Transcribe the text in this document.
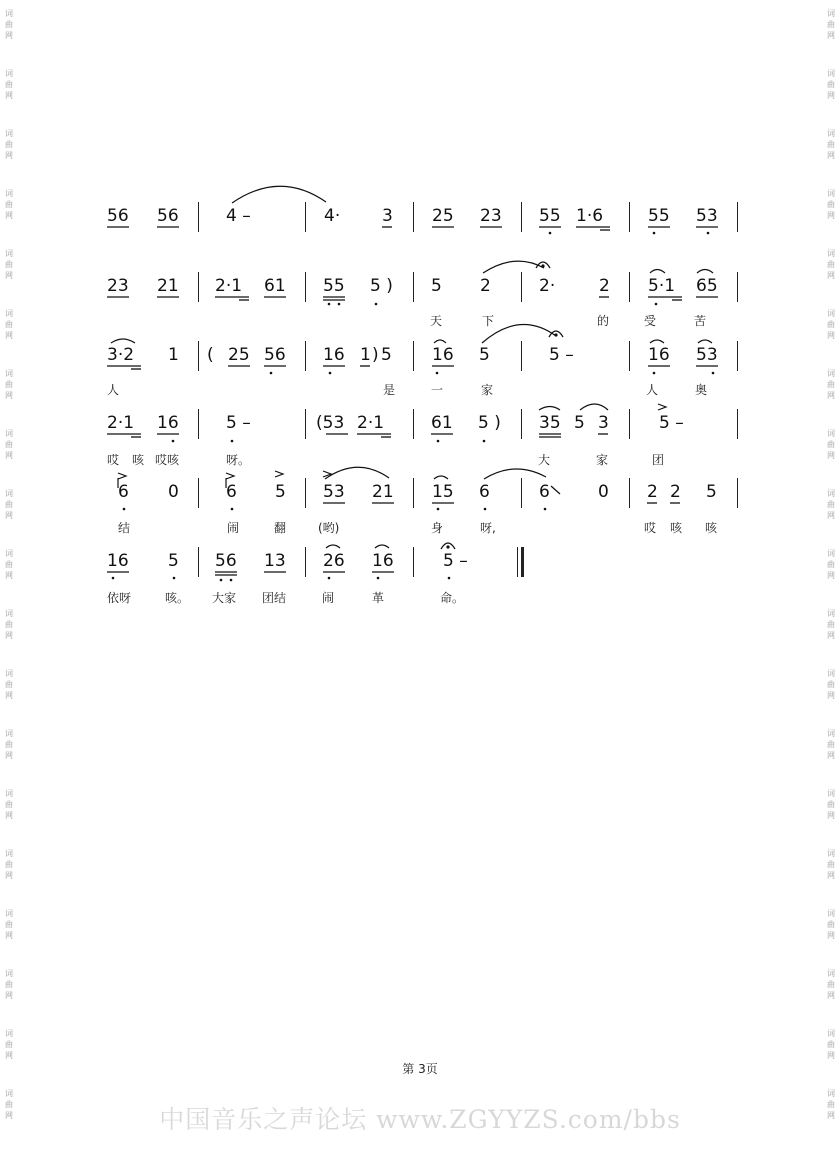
词
曲
网
词
曲
网
词
曲
网
词
曲
网
词
曲
网
词
曲
网
词
曲
网
词
曲
网
词
曲
网
词
曲
网
词
曲
网
词
曲
网
词
曲
网
词
曲
网
词
曲
网
词
曲
网
词
曲
网
词
曲
网
词
曲
网
词
曲
网
词
曲
网
词
曲
网
词
曲
网
词
曲
网
词
曲
网
词
曲
网
词
曲
网
词
曲
网
词
曲
网
词
曲
网
词
曲
网
词
曲
网
词
曲
网
词
曲
网
词
曲
网
词
曲
网
词
曲
网
词
曲
网
56 56	4 –	4· 3 25 23 55 1·6	55 53
23 21 2·1 61 55 5 ) 5 2	2·	2 5·1 65
天	下	的	受	苦
3·2 1 ( 25 56 16 1 ) 5 16 5	5 –	16 53
人	是	一	家	人	奥
2·1 16	5 –	(53 2·1	61 5 ) 35 5 3	5 –
哎 咳 哎咳	呀。	大	家	团
6 0	6 5 53 21 15 6	6	0 2 2 5
结	闹	翻	(哟)	身	呀,	哎 咳 咳
16 5 56 13 26 16	5 –
依呀	咳。 大家 团结	闹	革	命。
第 3页
中国音乐之声论坛 www.ZGYYZS.com/bbs
